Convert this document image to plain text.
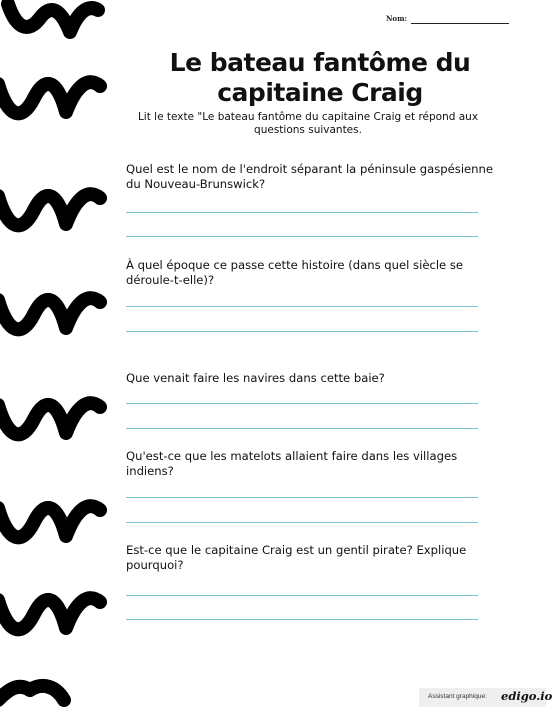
Nom:
Le bateau fantôme du
capitaine Craig
Lit le texte "Le bateau fantôme du capitaine Craig et répond aux questions suivantes.
Quel est le nom de l'endroit séparant la péninsule gaspésienne du Nouveau-Brunswick?
À quel époque ce passe cette histoire (dans quel siècle se déroule-t-elle)?
Que venait faire les navires dans cette baie?
Qu'est-ce que les matelots allaient faire dans les villages indiens?
Est-ce que le capitaine Craig est un gentil pirate? Explique pourquoi?
Assistant graphique: edigo.io
